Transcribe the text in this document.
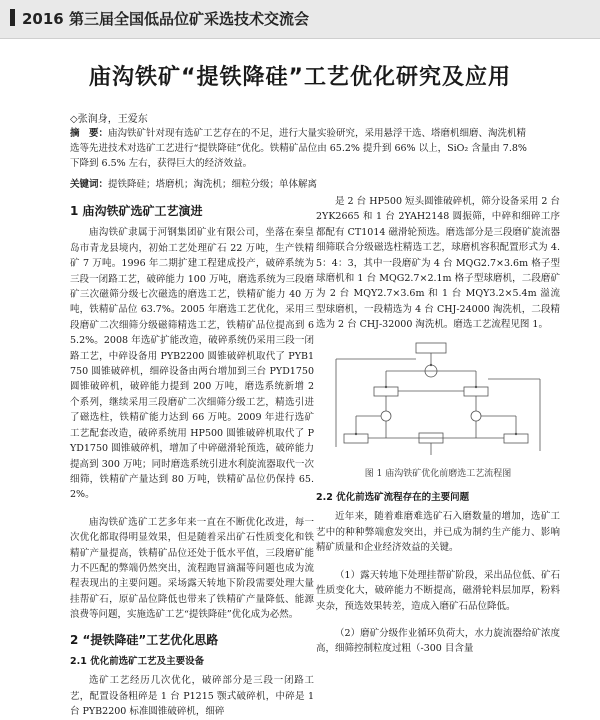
2016 第三届全国低品位矿采选技术交流会
庙沟铁矿“提铁降硅”工艺优化研究及应用
◇张润身，王爱东

摘　要：庙沟铁矿针对现有选矿工艺存在的不足，进行大量实验研究，采用悬浮干选、塔磨机细磨、淘洗机精选等先进技术对选矿工艺进行“提铁降硅”优化。铁精矿品位由 65.2% 提升到 66% 以上，SiO₂ 含量由 7.8% 下降到 6.5% 左右，获得巨大的经济效益。

关键词：提铁降硅；塔磨机；淘洗机；细粒分级；单体解离

1 庙沟铁矿选矿工艺演进

庙沟铁矿隶属于河钢集团矿业有限公司，坐落在秦皇岛市青龙县境内，初始工艺处理矿石 22 万吨，生产铁精矿 7 万吨。1996 年二期扩建工程建成投产，破碎系统为三段一闭路工艺，破碎能力 100 万吨，磨选系统为三段磨矿三次磁筛分级七次磁选的磨选工艺，铁精矿能力 40 万吨，铁精矿品位 63.7%。2005 年磨选工艺优化，采用三段磨矿二次细筛分级磁筛精选工艺，铁精矿品位提高到 65.2%。2008 年选矿扩能改造，破碎系统仍采用三段一闭路工艺，中碎设备用 PYB2200 圆锥破碎机取代了 PYB1750 圆锥破碎机，细碎设备由两台增加到三台 PYD1750 圆锥破碎机，破碎能力提到 200 万吨，磨选系统新增 2 个系列，继续采用三段磨矿二次细筛分级工艺，精选引进了磁选柱，铁精矿能力达到 66 万吨。2009 年进行选矿工艺配套改造，破碎系统用 HP500 圆锥破碎机取代了 PYD1750 圆锥破碎机，增加了中碎磁滑轮预选，破碎能力提高到 300 万吨；同时磨选系统引进水利旋流器取代一次细筛，铁精矿产量达到 80 万吨，铁精矿品位仍保持 65.2%。

庙沟铁矿选矿工艺多年来一直在不断优化改进，每一次优化都取得明显效果，但是随着采出矿石性质变化和铁精矿产量提高，铁精矿品位还处于低水平值，三段磨矿能力不匹配的弊端仍然突出，流程跑冒滴漏等问题也成为流程表现出的主要问题。采场露天转地下阶段需要处理大量挂帮矿石，原矿品位降低也带来了铁精矿产量降低、能源浪费等问题，实施选矿工艺“提铁降硅”优化成为必然。

2 “提铁降硅”工艺优化思路
2.1 优化前选矿工艺及主要设备

选矿工艺经历几次优化，破碎部分是三段一闭路工艺，配置设备粗碎是 1 台 P1215 颚式破碎机，中碎是 1 台 PYB2200 标准圆锥破碎机，细碎

是 2 台 HP500 短头圆锥破碎机，筛分设备采用 2 台 2YK2665 和 1 台 2YAH2148 圆振筛，中碎和细碎工序都配有 CT1014 磁滑轮预选。磨选部分是三段磨矿旋流器细筛联合分级磁选柱精选工艺，球磨机容积配置形式为 4.5：4：3，其中一段磨矿为 4 台 MQG2.7×3.6m 格子型球磨机和 1 台 MQG2.7×2.1m 格子型球磨机，二段磨矿为 2 台 MQY2.7×3.6m 和 1 台 MQY3.2×5.4m 溢流型球磨机，一段精选为 4 台 CHJ-24000 淘洗机，二段精选为 2 台 CHJ-32000 淘洗机。磨选工艺流程见图 1。

图 1 庙沟铁矿优化前磨选工艺流程图
2.2 优化前选矿流程存在的主要问题

近年来，随着难磨难选矿石入磨数量的增加，选矿工艺中的种种弊端愈发突出，并已成为制约生产能力、影响精矿质量和企业经济效益的关键。

（1）露天转地下处理挂帮矿阶段，采出品位低、矿石性质变化大，破碎能力不断提高，磁滑轮料层加厚，粉料夹杂，预选效果转差，造成入磨矿石品位降低。

（2）磨矿分级作业循环负荷大，水力旋流器给矿浓度高，细筛控制粒度过粗（-300 目含量
